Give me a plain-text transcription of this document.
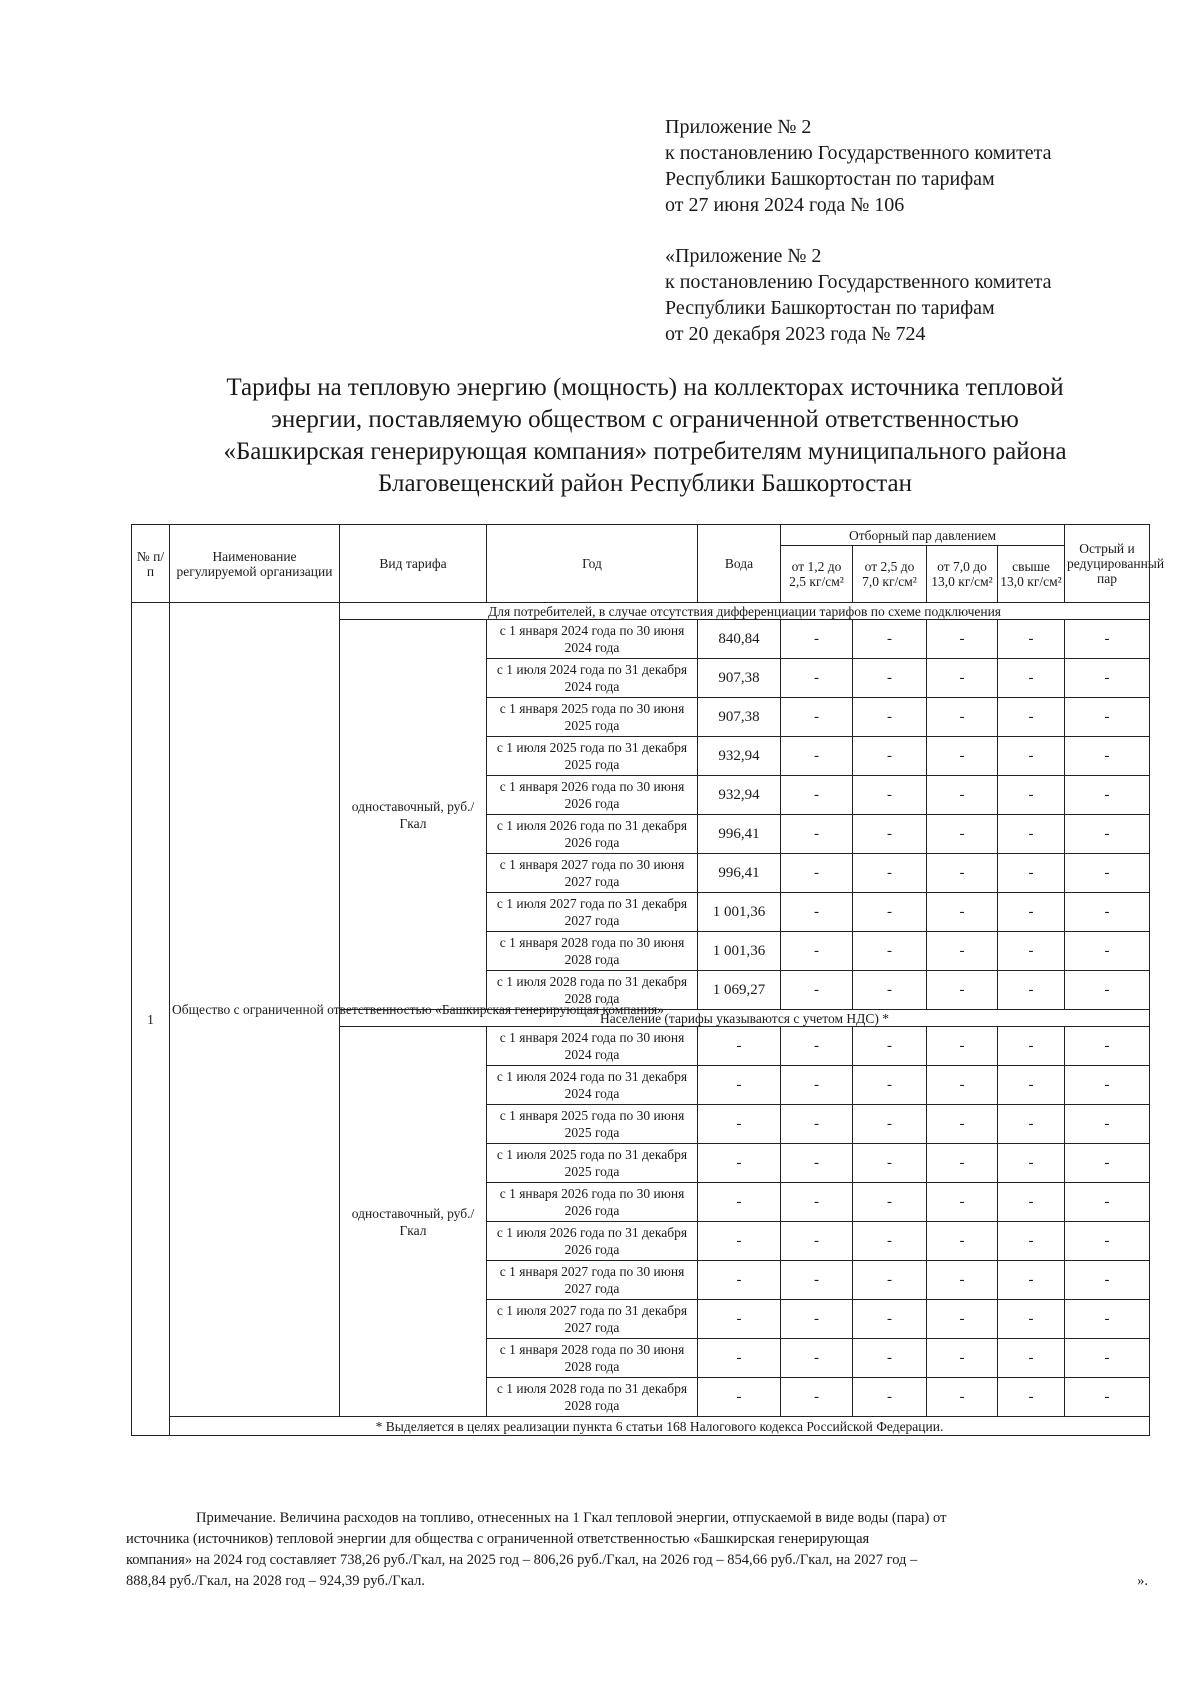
Приложение № 2
к постановлению Государственного комитета
Республики Башкортостан по тарифам
от 27 июня 2024 года № 106
«Приложение № 2
к постановлению Государственного комитета
Республики Башкортостан по тарифам
от 20 декабря 2023 года № 724
Тарифы на тепловую энергию (мощность) на коллекторах источника тепловой
энергии, поставляемую обществом с ограниченной ответственностью
«Башкирская генерирующая компания» потребителям муниципального района
Благовещенский район Республики Башкортостан
№ п/п	Наименование регулируемой организации	Вид тарифа	Год	Вода	Отборный пар давлением				Острый и редуцированный пар
					от 1,2 до 2,5 кг/см²	от 2,5 до 7,0 кг/см²	от 7,0 до 13,0 кг/см²	свыше 13,0 кг/см²	
1	Общество с ограниченной ответственностью «Башкирская генерирующая компания»	Для потребителей, в случае отсутствия дифференциации тарифов по схеме подключения							
		одноставочный, руб./Гкал	с 1 января 2024 года по 30 июня 2024 года	840,84	-	-	-	-	-
			с 1 июля 2024 года по 31 декабря 2024 года	907,38	-	-	-	-	-
			с 1 января 2025 года по 30 июня 2025 года	907,38	-	-	-	-	-
			с 1 июля 2025 года по 31 декабря 2025 года	932,94	-	-	-	-	-
			с 1 января 2026 года по 30 июня 2026 года	932,94	-	-	-	-	-
			с 1 июля 2026 года по 31 декабря 2026 года	996,41	-	-	-	-	-
			с 1 января 2027 года по 30 июня 2027 года	996,41	-	-	-	-	-
			с 1 июля 2027 года по 31 декабря 2027 года	1 001,36	-	-	-	-	-
			с 1 января 2028 года по 30 июня 2028 года	1 001,36	-	-	-	-	-
			с 1 июля 2028 года по 31 декабря 2028 года	1 069,27	-	-	-	-	-
		Население (тарифы указываются с учетом НДС) *							
		одноставочный, руб./Гкал	с 1 января 2024 года по 30 июня 2024 года	-	-	-	-	-	-
			с 1 июля 2024 года по 31 декабря 2024 года	-	-	-	-	-	-
			с 1 января 2025 года по 30 июня 2025 года	-	-	-	-	-	-
			с 1 июля 2025 года по 31 декабря 2025 года	-	-	-	-	-	-
			с 1 января 2026 года по 30 июня 2026 года	-	-	-	-	-	-
			с 1 июля 2026 года по 31 декабря 2026 года	-	-	-	-	-	-
			с 1 января 2027 года по 30 июня 2027 года	-	-	-	-	-	-
			с 1 июля 2027 года по 31 декабря 2027 года	-	-	-	-	-	-
			с 1 января 2028 года по 30 июня 2028 года	-	-	-	-	-	-
			с 1 июля 2028 года по 31 декабря 2028 года	-	-	-	-	-	-
	* Выделяется в целях реализации пункта 6 статьи 168 Налогового кодекса Российской Федерации.								
Примечание. Величина расходов на топливо, отнесенных на 1 Гкал тепловой энергии, отпускаемой в виде воды (пара) от
источника (источников) тепловой энергии для общества с ограниченной ответственностью «Башкирская генерирующая
компания» на 2024 год составляет 738,26 руб./Гкал, на 2025 год – 806,26 руб./Гкал, на 2026 год – 854,66 руб./Гкал, на 2027 год –
888,84 руб./Гкал, на 2028 год – 924,39 руб./Гкал.	».
